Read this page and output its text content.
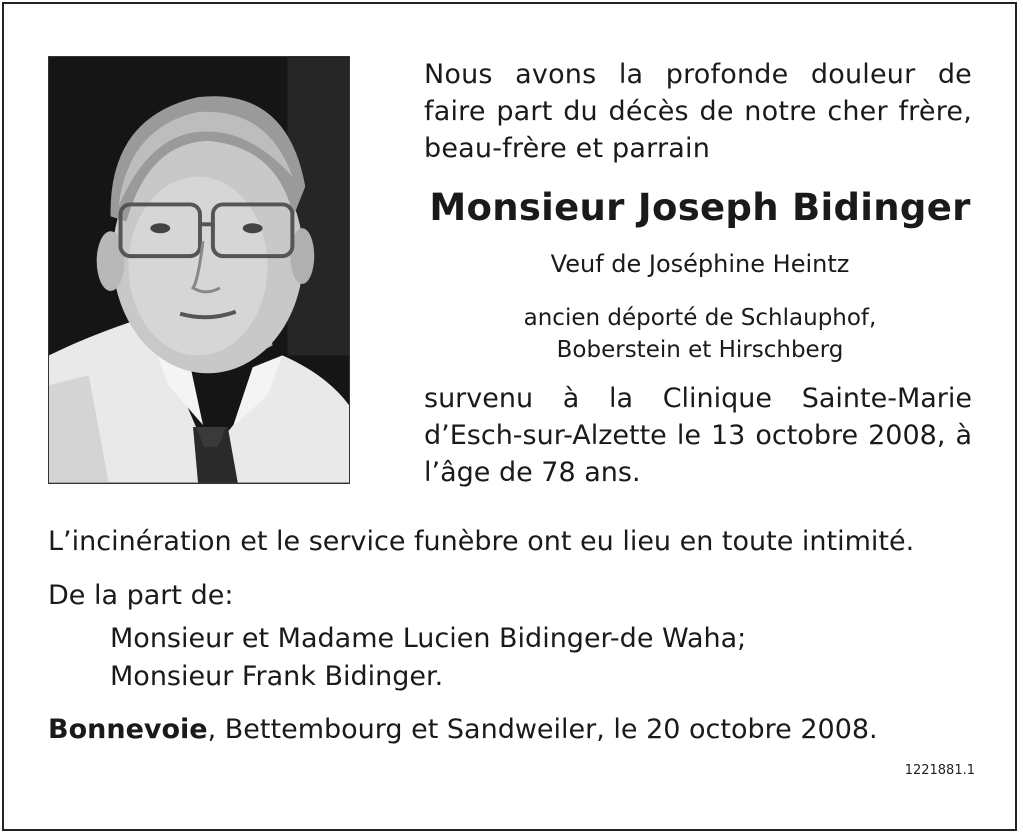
Nous avons la profonde douleur de faire part du décès de notre cher frère, beau-frère et parrain
Monsieur Joseph Bidinger
Veuf de Joséphine Heintz
ancien déporté de Schlauphof,
Boberstein et Hirschberg
survenu à la Clinique Sainte-Marie d’Esch-sur-Alzette le 13 octobre 2008, à l’âge de 78 ans.
L’incinération et le service funèbre ont eu lieu en toute intimité.
De la part de:
Monsieur et Madame Lucien Bidinger-de Waha;
Monsieur Frank Bidinger.
Bonnevoie, Bettembourg et Sandweiler, le 20 octobre 2008.
1221881.1
